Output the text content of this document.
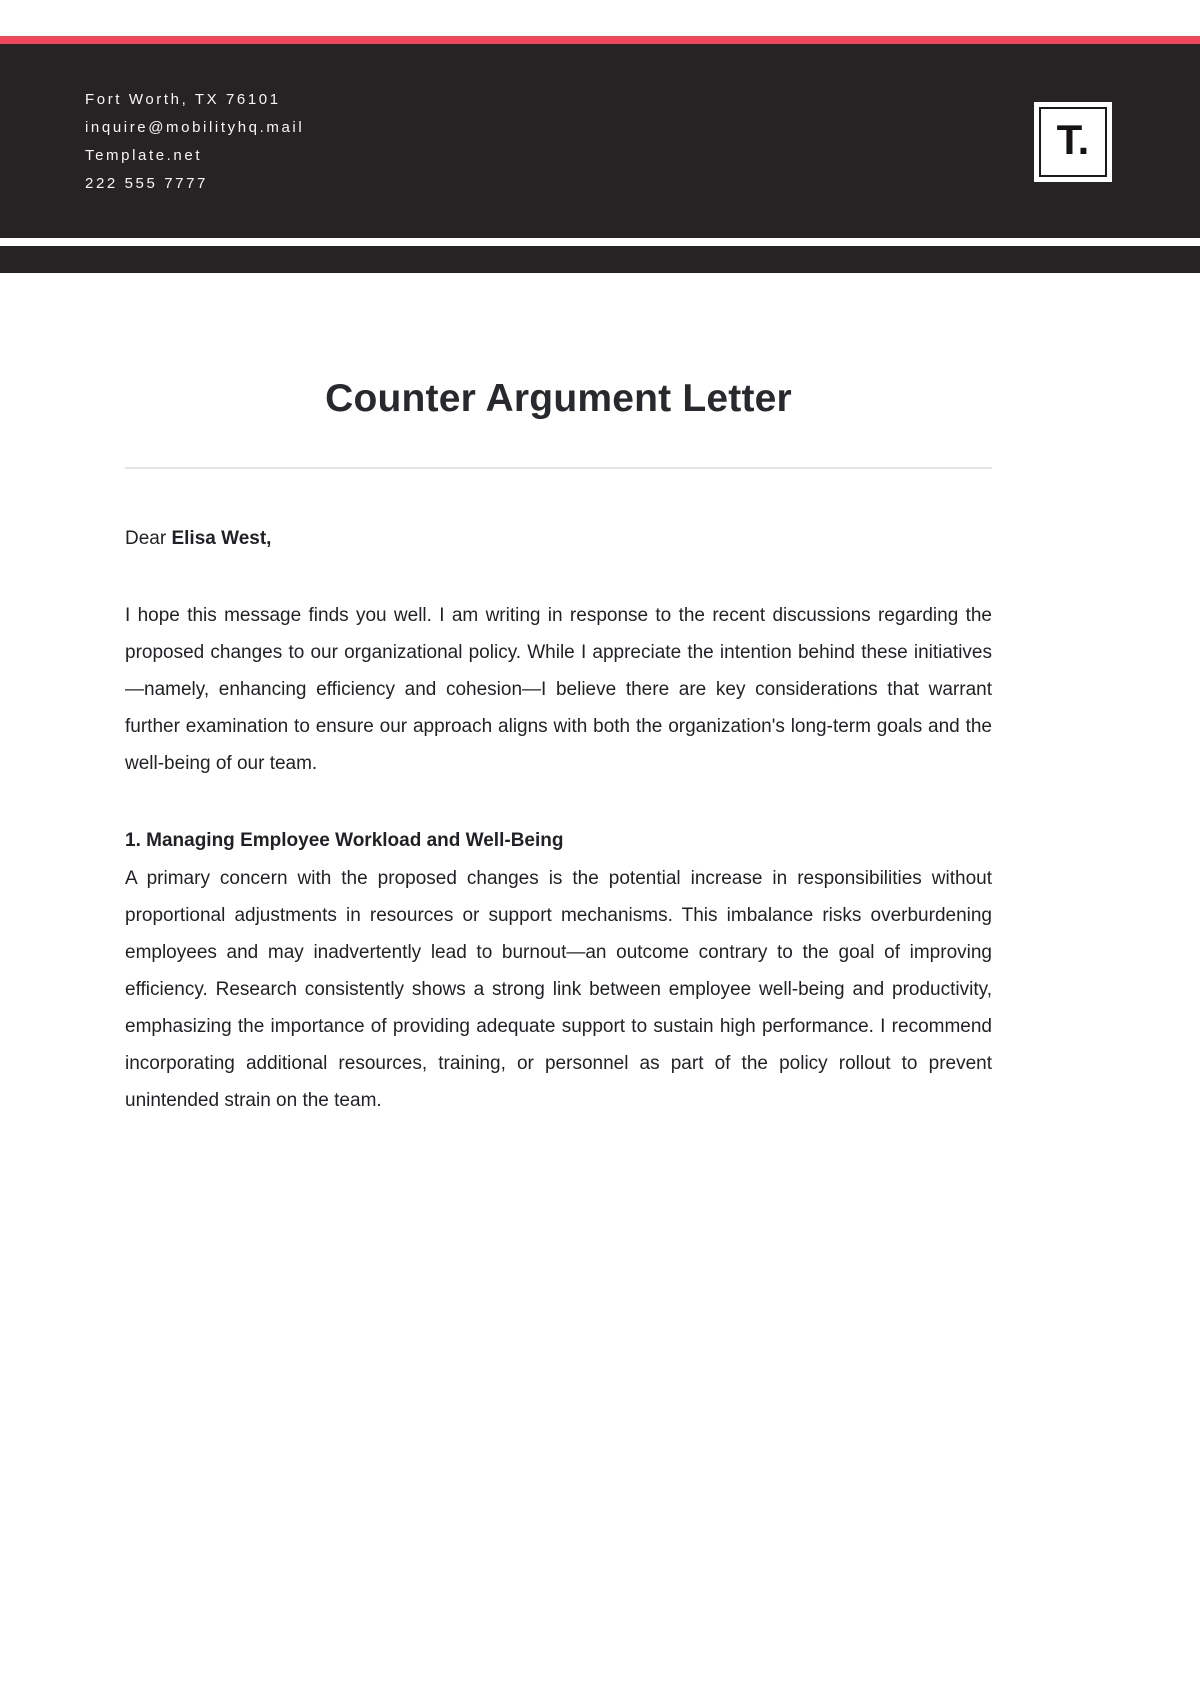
Fort Worth, TX 76101

inquire@mobilityhq.mail

Template.net

222 555 7777

T.
Counter Argument Letter

Dear Elisa West,

I hope this message finds you well. I am writing in response to the recent discussions regarding the proposed changes to our organizational policy. While I appreciate the intention behind these initiatives—namely, enhancing efficiency and cohesion—I believe there are key considerations that warrant further examination to ensure our approach aligns with both the organization's long-term goals and the well-being of our team.

1. Managing Employee Workload and Well-Being

A primary concern with the proposed changes is the potential increase in responsibilities without proportional adjustments in resources or support mechanisms. This imbalance risks overburdening employees and may inadvertently lead to burnout—an outcome contrary to the goal of improving efficiency. Research consistently shows a strong link between employee well-being and productivity, emphasizing the importance of providing adequate support to sustain high performance. I recommend incorporating additional resources, training, or personnel as part of the policy rollout to prevent unintended strain on the team.
